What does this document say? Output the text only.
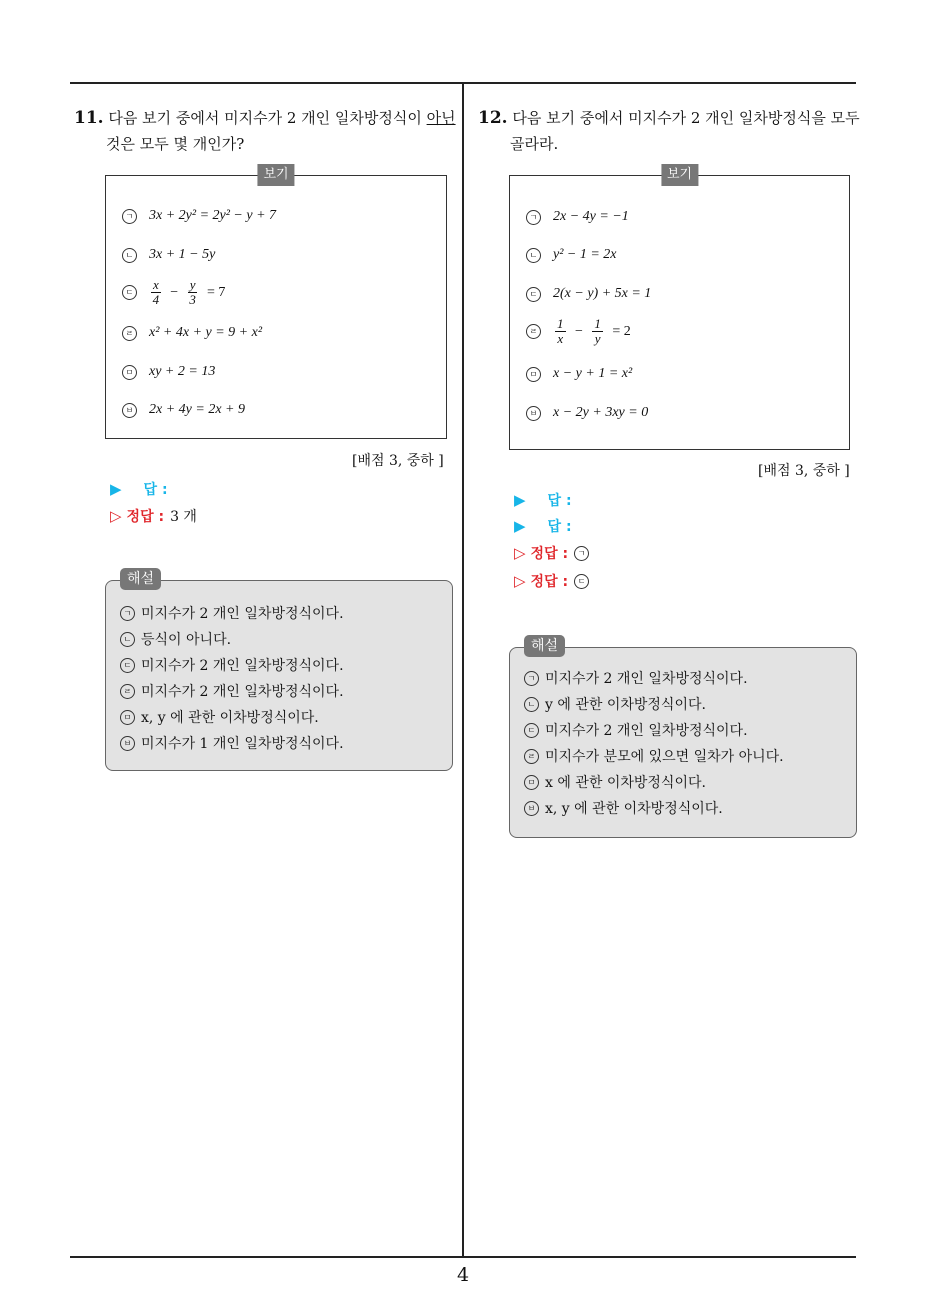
11. 다음 보기 중에서 미지수가 2 개인 일차방정식이 아닌
것은 모두 몇 개인가?
보기
ㄱ 3x + 2y² = 2y² − y + 7
ㄴ 3x + 1 − 5y
ㄷ $\frac{x}{4} - \frac{y}{3} = 7$
ㄹ x² + 4x + y = 9 + x²
ㅁ xy + 2 = 13
ㅂ 2x + 4y = 2x + 9
[배점 3, 중하 ]
▶ 답 :
▷ 정답 : 3 개
해설
ㄱ 미지수가 2 개인 일차방정식이다.
ㄴ 등식이 아니다.
ㄷ 미지수가 2 개인 일차방정식이다.
ㄹ 미지수가 2 개인 일차방정식이다.
ㅁ x, y 에 관한 이차방정식이다.
ㅂ 미지수가 1 개인 일차방정식이다.
12. 다음 보기 중에서 미지수가 2 개인 일차방정식을 모두
골라라.
보기
ㄱ 2x − 4y = −1
ㄴ y² − 1 = 2x
ㄷ 2(x − y) + 5x = 1
ㄹ $\frac{1}{x} - \frac{1}{y} = 2$
ㅁ x − y + 1 = x²
ㅂ x − 2y + 3xy = 0
[배점 3, 중하 ]
▶ 답 :
▶ 답 :
▷ 정답 :	ㄱ
▷ 정답 :	ㄷ
해설
ㄱ 미지수가 2 개인 일차방정식이다.
ㄴ y 에 관한 이차방정식이다.
ㄷ 미지수가 2 개인 일차방정식이다.
ㄹ 미지수가 분모에 있으면 일차가 아니다.
ㅁ x 에 관한 이차방정식이다.
ㅂ x, y 에 관한 이차방정식이다.
4
